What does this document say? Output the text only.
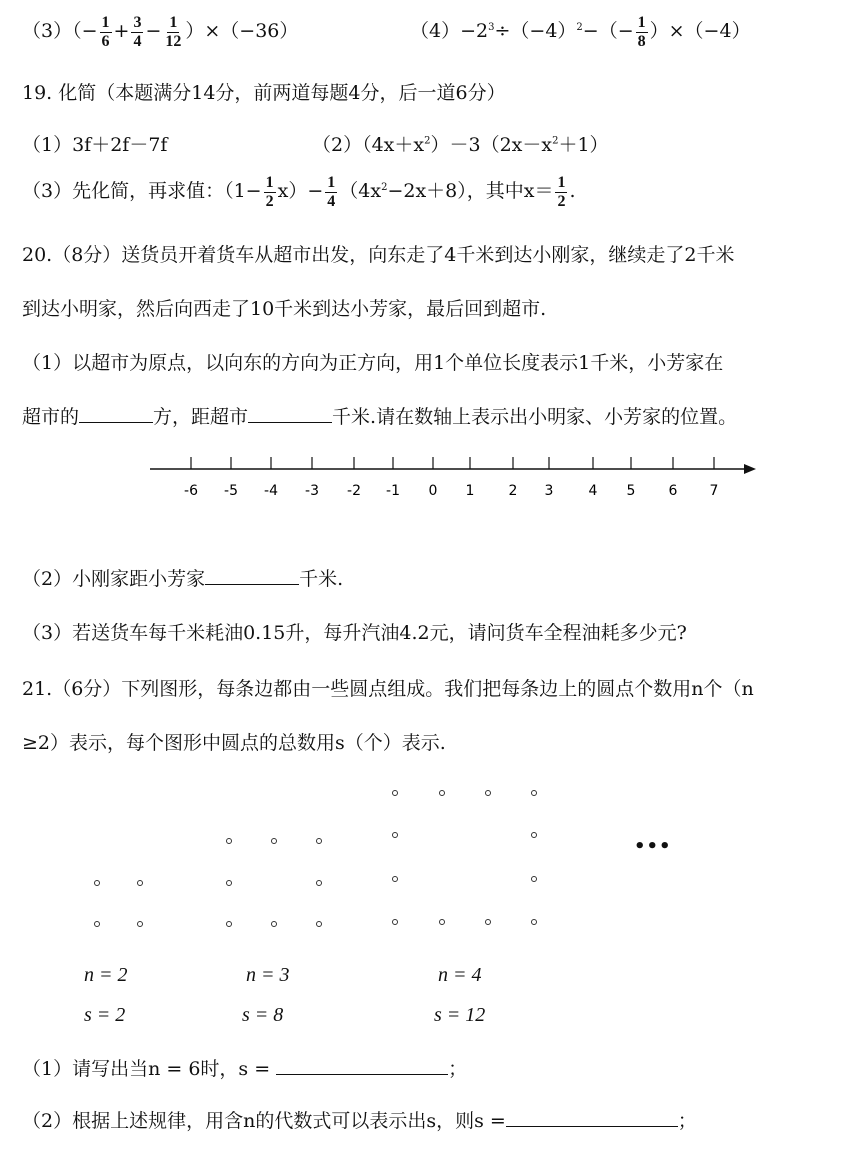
$(3)(- \frac{1}{6} + \frac{3}{4} - \frac{1}{12} )\times(-36)$	$(4)-2^3\div(-4)^2-(- \frac{1}{8} )\times(-4)$
19. 化简（本题满分14分，前两道每题4分，后一道6分）
（1）3f＋2f－7f	$(2)(4x+x^2)-3(2x-x^2+1)$
（3）先化简，再求值：$(1- \frac{1}{2} x)- \frac{1}{4} (4x^2-2x+8)$，其中$x= \frac{1}{2}$ .
20.（8分）送货员开着货车从超市出发，向东走了4千米到达小刚家，继续走了2千米
到达小明家，然后向西走了10千米到达小芳家，最后回到超市.
（1）以超市为原点，以向东的方向为正方向，用1个单位长度表示1千米，小芳家在
超市的	方，距超市	千米.请在数轴上表示出小明家、小芳家的位置。
-6 -5 -4 -3 -2 -1 0 1 2 3	4 5 6 7
（2）小刚家距小芳家	千米.
（3）若送货车每千米耗油0.15升，每升汽油4.2元，请问货车全程油耗多少元?
21.（6分）下列图形，每条边都由一些圆点组成。我们把每条边上的圆点个数用n个（n
≥2）表示，每个图形中圆点的总数用s（个）表示.
•••
n = 2
s = 2
n = 3
s = 8
n = 4
s = 12
（1）请写出当n = 6时，s =	；
（2）根据上述规律，用含n的代数式可以表示出s，则s =	；
